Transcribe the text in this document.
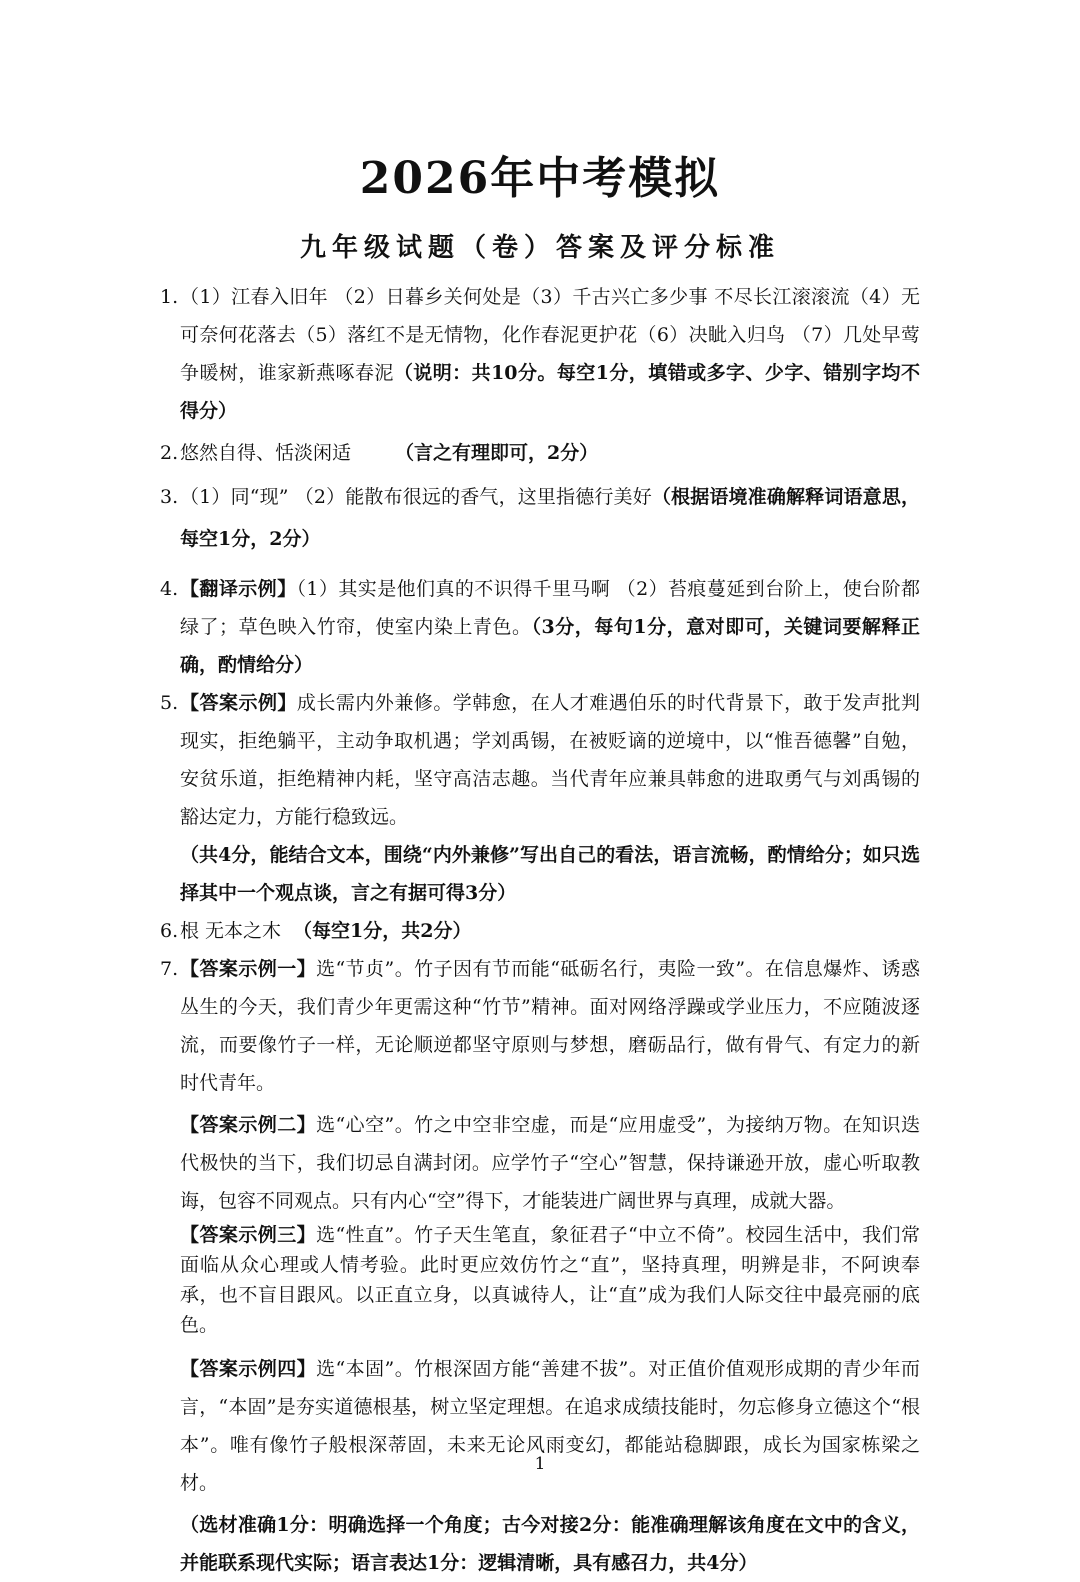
2026年中考模拟
九年级试题（卷）答案及评分标准
1. （1）江春入旧年 （2）日暮乡关何处是（3）千古兴亡多少事 不尽长江滚滚流（4）无可奈何花落去（5）落红不是无情物，化作春泥更护花（6）决眦入归鸟 （7）几处早莺争暖树，谁家新燕啄春泥（说明：共10分。每空1分，填错或多字、少字、错别字均不得分）
2. 悠然自得、恬淡闲适 （言之有理即可，2分）
3. （1）同“现” （2）能散布很远的香气，这里指德行美好（根据语境准确解释词语意思，每空1分，2分）
4. 【翻译示例】（1）其实是他们真的不识得千里马啊 （2）苔痕蔓延到台阶上，使台阶都绿了；草色映入竹帘，使室内染上青色。（3分，每句1分，意对即可，关键词要解释正确，酌情给分）
5. 【答案示例】成长需内外兼修。学韩愈，在人才难遇伯乐的时代背景下，敢于发声批判现实，拒绝躺平，主动争取机遇；学刘禹锡，在被贬谪的逆境中，以“惟吾德馨”自勉，安贫乐道，拒绝精神内耗，坚守高洁志趣。当代青年应兼具韩愈的进取勇气与刘禹锡的豁达定力，方能行稳致远。
（共4分，能结合文本，围绕“内外兼修”写出自己的看法，语言流畅，酌情给分；如只选择其中一个观点谈，言之有据可得3分）
6. 根 无本之木 （每空1分，共2分）
7. 【答案示例一】选“节贞”。竹子因有节而能“砥砺名行，夷险一致”。在信息爆炸、诱惑丛生的今天，我们青少年更需这种“竹节”精神。面对网络浮躁或学业压力，不应随波逐流，而要像竹子一样，无论顺逆都坚守原则与梦想，磨砺品行，做有骨气、有定力的新时代青年。
【答案示例二】选“心空”。竹之中空非空虚，而是“应用虚受”，为接纳万物。在知识迭代极快的当下，我们切忌自满封闭。应学竹子“空心”智慧，保持谦逊开放，虚心听取教诲，包容不同观点。只有内心“空”得下，才能装进广阔世界与真理，成就大器。
【答案示例三】选“性直”。竹子天生笔直，象征君子“中立不倚”。校园生活中，我们常面临从众心理或人情考验。此时更应效仿竹之“直”，坚持真理，明辨是非，不阿谀奉承，也不盲目跟风。以正直立身，以真诚待人，让“直”成为我们人际交往中最亮丽的底色。
【答案示例四】选“本固”。竹根深固方能“善建不拔”。对正值价值观形成期的青少年而言，“本固”是夯实道德根基，树立坚定理想。在追求成绩技能时，勿忘修身立德这个“根本”。唯有像竹子般根深蒂固，未来无论风雨变幻，都能站稳脚跟，成长为国家栋梁之材。
（选材准确1分：明确选择一个角度；古今对接2分：能准确理解该角度在文中的含义，并能联系现代实际；语言表达1分：逻辑清晰，具有感召力，共4分）
1
